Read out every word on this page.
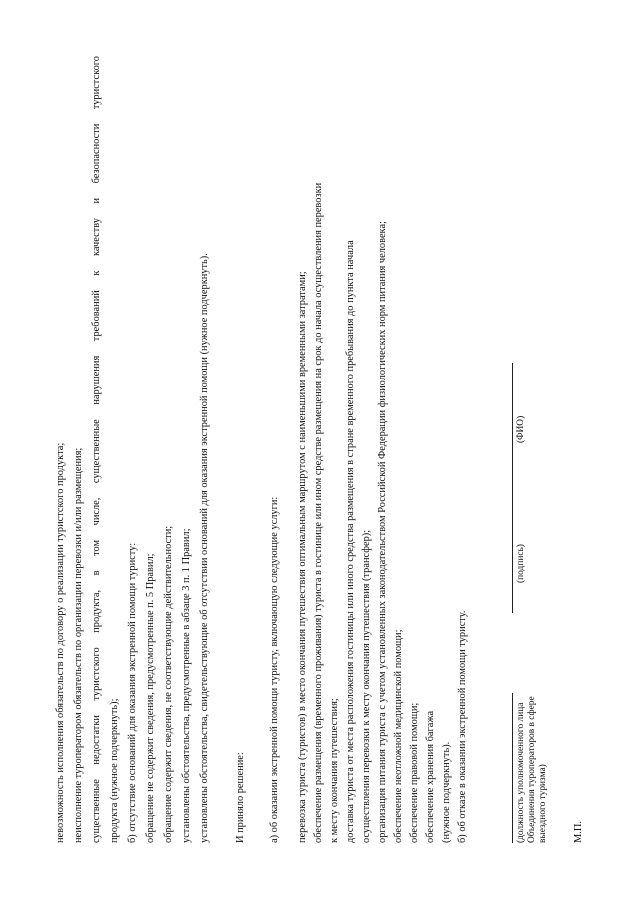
невозможность исполнения обязательств по договору о реализации туристского продукта; неисполнение туроператором обязательств по организации перевозки и/или размещения; существенные недостатки туристского продукта, в том числе, существенные нарушения требований к качеству и безопасности туристского продукта (нужное подчеркнуть); б) отсутствие оснований для оказания экстренной помощи туристу: обращение не содержит сведения, предусмотренные п. 5 Правил; обращение содержит сведения, не соответствующие действительности; установлены обстоятельства, предусмотренные в абзаце 3 п. 1 Правил; установлены обстоятельства, свидетельствующие об отсутствии оснований для оказания экстренной помощи (нужное подчеркнуть). И приняло решение: а) об оказании экстренной помощи туристу, включающую следующие услуги: перевозка туриста (туристов) в место окончания путешествия оптимальным маршрутом с наименьшими временными затратами; обеспечение размещения (временного проживания) туриста в гостинице или ином средстве размещения на срок до начала осуществления перевозки к месту окончания путешествия; доставка туриста от места расположения гостиницы или иного средства размещения в стране временного пребывания до пункта начала осуществления перевозки к месту окончания путешествия (трансфер); организация питания туриста с учетом установленных законодательством Российской Федерации физиологических норм питания человека; обеспечение неотложной медицинской помощи; обеспечение правовой помощи; обеспечение хранения багажа (нужное подчеркнуть). б) об отказе в оказании экстренной помощи туристу.	(должность уполномоченного лица Объединения туроператоров в сфере выездного туризма)
(подпись)
(ФИО)
М.П.
